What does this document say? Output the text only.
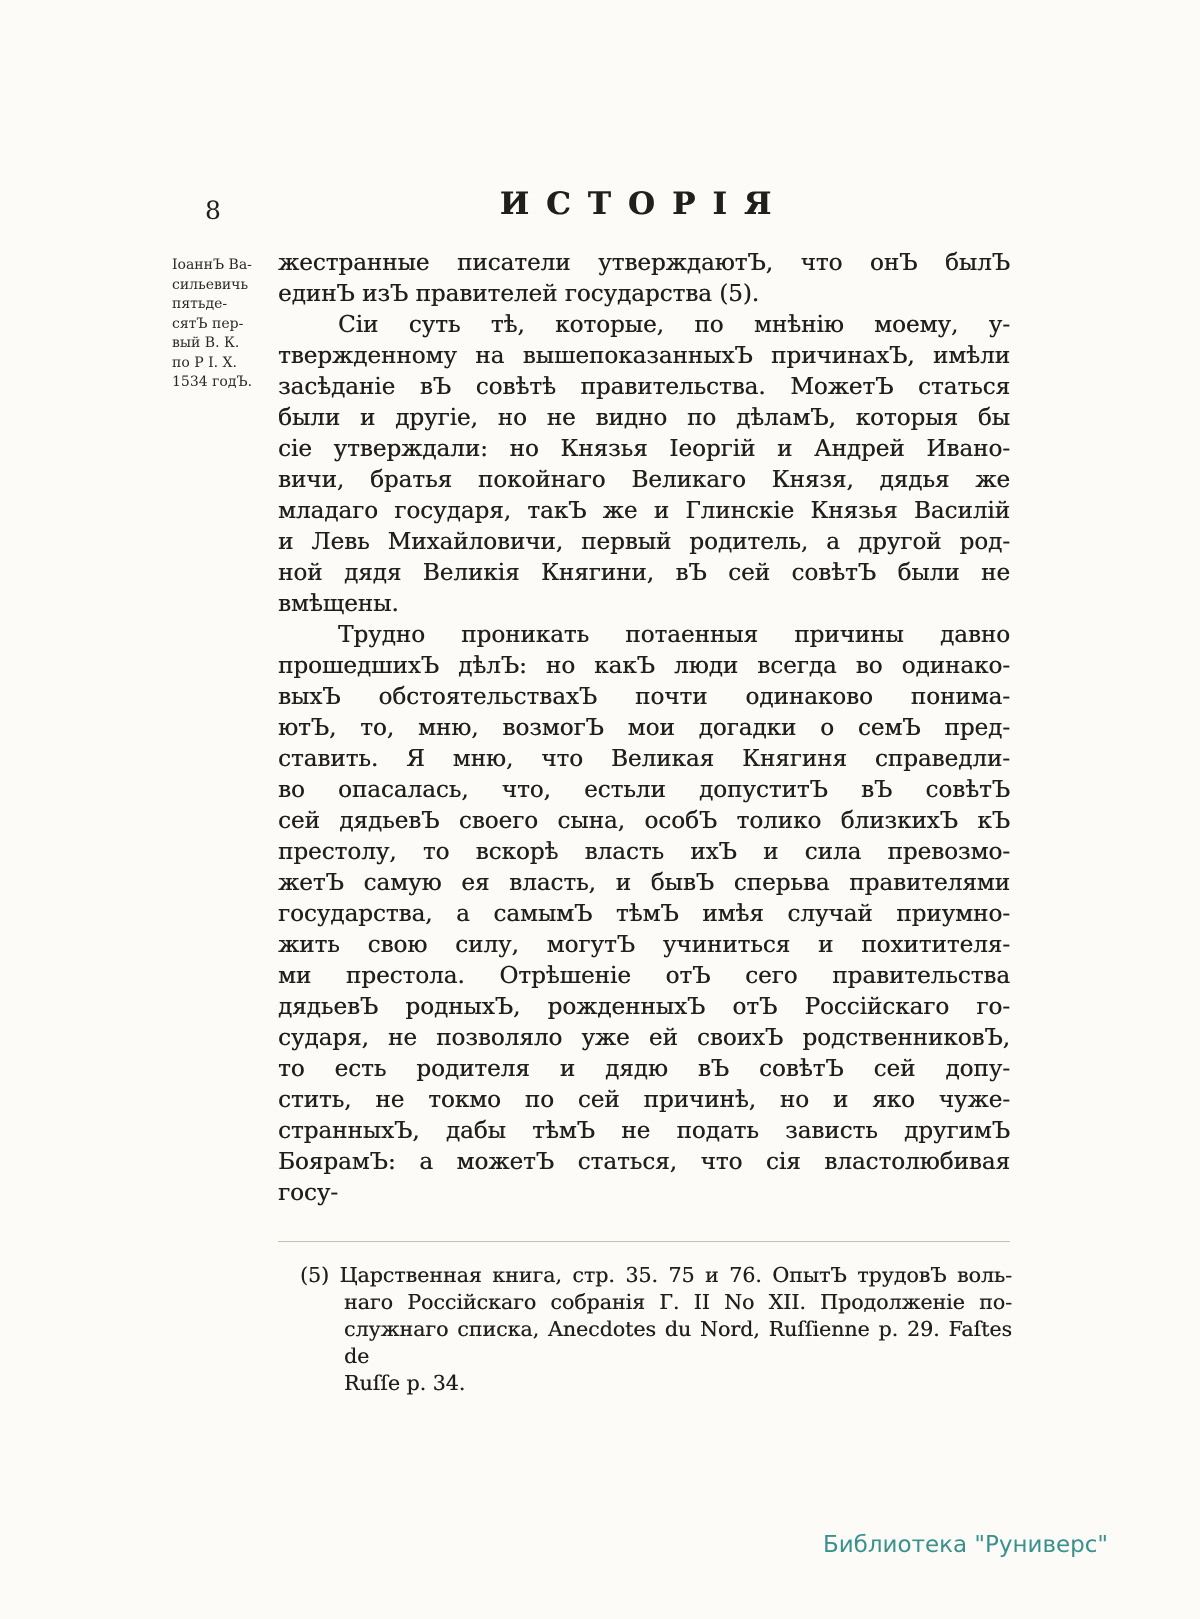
8	ИСТОРІЯ
ІоаннЪ Ва-
сильевичь
пятьде-
сятЪ пер-
вый В. К.
по Р І. Х.
1534 годЪ.
жестранные писатели утверждаютЪ, что онЪ былЪ
единЪ изЪ правителей государства (5).
Сіи суть тѣ, которые, по мнѣнію моему, у-
твержденному на вышепоказанныхЪ причинахЪ, имѣли
засѣданіе вЪ совѣтѣ правительства. МожетЪ статься
были и другіе, но не видно по дѣламЪ, которыя бы
сіе утверждали: но Князья Іеоргій и Андрей Ивано-
вичи, братья покойнаго Великаго Князя, дядья же
младаго государя, такЪ же и Глинскіе Князья Василій
и Левь Михайловичи, первый родитель, а другой род-
ной дядя Великія Княгини, вЪ сей совѣтЪ были не
вмѣщены.
Трудно проникать потаенныя причины давно
прошедшихЪ дѣлЪ: но какЪ люди всегда во одинако-
выхЪ обстоятельствахЪ почти одинаково понима-
ютЪ, то, мню, возмогЪ мои догадки о семЪ пред-
ставить. Я мню, что Великая Княгиня справедли-
во опасалась, что, естьли допуститЪ вЪ совѣтЪ
сей дядьевЪ своего сына, особЪ толико близкихЪ кЪ
престолу, то вскорѣ власть ихЪ и сила превозмо-
жетЪ самую ея власть, и бывЪ сперьва правителями
государства, а самымЪ тѣмЪ имѣя случай приумно-
жить свою силу, могутЪ учиниться и похитителя-
ми престола. Отрѣшеніе отЪ сего правительства
дядьевЪ родныхЪ, рожденныхЪ отЪ Россійскаго го-
сударя, не позволяло уже ей своихЪ родственниковЪ,
то есть родителя и дядю вЪ совѣтЪ сей допу-
стить, не токмо по сей причинѣ, но и яко чуже-
странныхЪ, дабы тѣмЪ не подать зависть другимЪ
БоярамЪ: а можетЪ статься, что сія властолюбивая
госу-
(5) Царственная книга, стр. 35. 75 и 76. ОпытЪ трудовЪ воль-
наго Россійскаго собранія Г. II No XII. Продолженіе по-
служнаго списка, Anecdotes du Nord, Ruſſienne p. 29. Faſtes de
Ruſſe p. 34.
Библиотека "Руниверс"
